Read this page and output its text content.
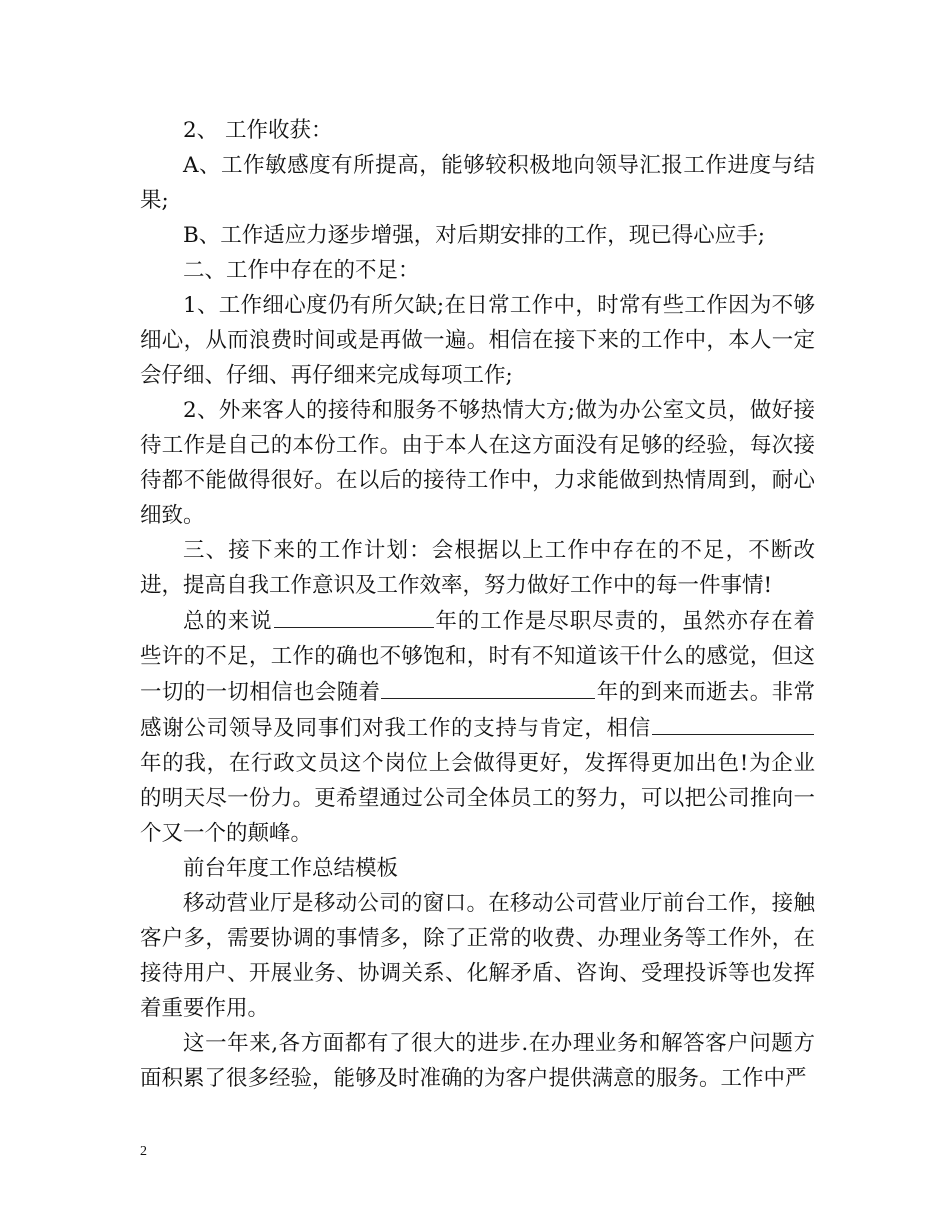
2、 工作收获：

A、工作敏感度有所提高，能够较积极地向领导汇报工作进度与结果;

B、工作适应力逐步增强，对后期安排的工作，现已得心应手;

二、工作中存在的不足：

1、工作细心度仍有所欠缺;在日常工作中，时常有些工作因为不够细心，从而浪费时间或是再做一遍。相信在接下来的工作中，本人一定会仔细、仔细、再仔细来完成每项工作;

2、外来客人的接待和服务不够热情大方;做为办公室文员，做好接待工作是自己的本份工作。由于本人在这方面没有足够的经验，每次接待都不能做得很好。在以后的接待工作中，力求能做到热情周到，耐心细致。

三、接下来的工作计划：会根据以上工作中存在的不足，不断改进，提高自我工作意识及工作效率，努力做好工作中的每一件事情!

总的来说	年的工作是尽职尽责的，虽然亦存在着些许的不足，工作的确也不够饱和，时有不知道该干什么的感觉，但这一切的一切相信也会随着	年的到来而逝去。非常感谢公司领导及同事们对我工作的支持与肯定，相信年的我，在行政文员这个岗位上会做得更好，发挥得更加出色!为企业的明天尽一份力。更希望通过公司全体员工的努力，可以把公司推向一个又一个的颠峰。

前台年度工作总结模板

移动营业厅是移动公司的窗口。在移动公司营业厅前台工作，接触客户多，需要协调的事情多，除了正常的收费、办理业务等工作外，在接待用户、开展业务、协调关系、化解矛盾、咨询、受理投诉等也发挥着重要作用。

这一年来,各方面都有了很大的进步.在办理业务和解答客户问题方面积累了很多经验，能够及时准确的为客户提供满意的服务。工作中严

2
